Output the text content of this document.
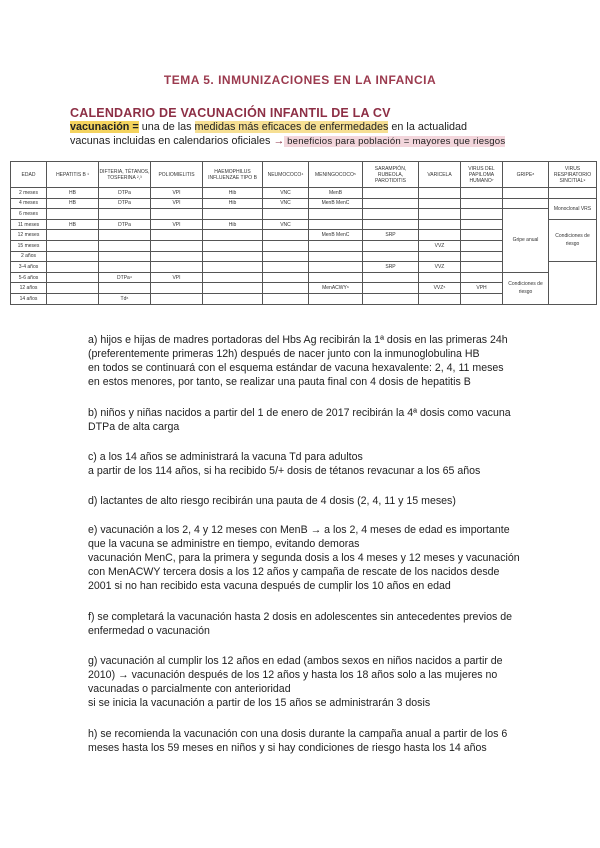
TEMA 5. INMUNIZACIONES EN LA INFANCIA
CALENDARIO DE VACUNACIÓN INFANTIL DE LA CV
vacunación = una de las medidas más eficaces de enfermedades en la actualidad
vacunas incluidas en calendarios oficiales → beneficios para población = mayores que riesgos
EDAD	HEPATITIS B ¹	DIFTERIA, TÉTANOS, TOSFERINA ²,³	POLIOMIELITIS	HAEMOPHILUS INFLUENZAE TIPO B	NEUMOCOCO⁴	MENINGOCOCO⁵	SARAMPIÓN, RUBEOLA, PAROTIDITIS	VARICELA	VIRUS DEL PAPILOMA HUMANO⁷	GRIPE⁸	VIRUS RESPIRATORIO SINCITIAL⁹
2 meses	HB	DTPa	VPI	Hib	VNC	MenB					
4 meses	HB	DTPa	VPI	Hib	VNC	MenB MenC					Monoclonal VRS
6 meses										Gripe anual	
11 meses	HB	DTPa	VPI	Hib	VNC						Condiciones de riesgo
12 meses						MenB MenC	SRP				
15 meses								VVZ			
2 años											
3-4 años							SRP	VVZ			
5-6 años		DTPa⁴	VPI							Condiciones de riesgo	
12 años						MenACWY⁶		VVZ⁵	VPH		
14 años		Td⁶									
a) hijos e hijas de madres portadoras del Hbs Ag recibirán la 1ª dosis en las primeras 24h
(preferentemente primeras 12h) después de nacer junto con la inmunoglobulina HB
en todos se continuará con el esquema estándar de vacuna hexavalente: 2, 4, 11 meses
en estos menores, por tanto, se realizar una pauta final con 4 dosis de hepatitis B
b) niños y niñas nacidos a partir del 1 de enero de 2017 recibirán la 4ª dosis como vacuna
DTPa de alta carga
c) a los 14 años se administrará la vacuna Td para adultos
a partir de los 114 años, si ha recibido 5/+ dosis de tétanos revacunar a los 65 años
d) lactantes de alto riesgo recibirán una pauta de 4 dosis (2, 4, 11 y 15 meses)
e) vacunación a los 2, 4 y 12 meses con MenB → a los 2, 4 meses de edad es importante
que la vacuna se administre en tiempo, evitando demoras
vacunación MenC, para la primera y segunda dosis a los 4 meses y 12 meses y vacunación
con MenACWY tercera dosis a los 12 años y campaña de rescate de los nacidos desde
2001 si no han recibido esta vacuna después de cumplir los 10 años en edad
f) se completará la vacunación hasta 2 dosis en adolescentes sin antecedentes previos de
enfermedad o vacunación
g) vacunación al cumplir los 12 años en edad (ambos sexos en niños nacidos a partir de
2010) → vacunación después de los 12 años y hasta los 18 años solo a las mujeres no
vacunadas o parcialmente con anterioridad
si se inicia la vacunación a partir de los 15 años se administrarán 3 dosis
h) se recomienda la vacunación con una dosis durante la campaña anual a partir de los 6
meses hasta los 59 meses en niños y si hay condiciones de riesgo hasta los 14 años
